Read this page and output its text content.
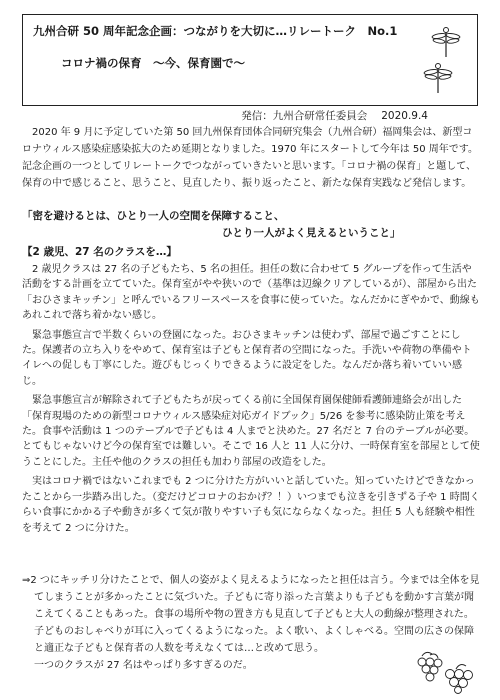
九州合研 50 周年記念企画：つながりを大切に…リレートーク　No.1
コロナ禍の保育　～今、保育園で～
発信：九州合研常任委員会 2020.9.4
2020 年 9 月に予定していた第 50 回九州保育団体合同研究集会（九州合研）福岡集会は、新型コロナウィルス感染症感染拡大のため延期となりました。1970 年にスタートして今年は 50 周年です。記念企画の一つとしてリレートークでつながっていきたいと思います。「コロナ禍の保育」と題して、保育の中で感じること、思うこと、見直したり、振り返ったこと、新たな保育実践など発信します。
「密を避けるとは、ひとり一人の空間を保障すること、
ひとり一人がよく見えるということ」
【2 歳児、27 名のクラスを…】

2 歳児クラスは 27 名の子どもたち、5 名の担任。担任の数に合わせて 5 グループを作って生活や活動をする計画を立てていた。保育室がやや狭いので（基準は辺線クリアしているが）、部屋から出た「おひさまキッチン」と呼んでいるフリースペースを食事に使っていた。なんだかにぎやかで、動線もあれこれで落ち着かない感じ。

緊急事態宣言で半数くらいの登園になった。おひさまキッチンは使わず、部屋で過ごすことにした。保護者の立ち入りをやめて、保育室は子どもと保育者の空間になった。手洗いや荷物の準備やトイレへの促しも丁寧にした。遊びもじっくりできるように設定をした。なんだか落ち着いていい感じ。

緊急事態宣言が解除されて子どもたちが戻ってくる前に全国保育園保健師看護師連絡会が出した「保育現場のための新型コロナウィルス感染症対応ガイドブック」5/26 を参考に感染防止策を考えた。食事や活動は 1 つのテーブルで子どもは 4 人までと決めた。27 名だと 7 台のテーブルが必要。とてもじゃないけど今の保育室では難しい。そこで 16 人と 11 人に分け、一時保育室を部屋として使うことにした。主任や他のクラスの担任も加わり部屋の改造をした。

実はコロナ禍ではないこれまでも 2 つに分けた方がいいと話していた。知っていたけどできなかったことから一歩踏み出した。（変だけどコロナのおかげ？！）いつまでも泣きを引きずる子や 1 時間くらい食事にかかる子や動きが多くて気が散りやすい子も気にならなくなった。担任 5 人も経験や相性を考えて 2 つに分けた。

⇒2 つにキッチリ分けたことで、個人の姿がよく見えるようになったと担任は言う。今までは全体を見てしまうことが多かったことに気づいた。子どもに寄り添った言葉よりも子どもを動かす言葉が聞こえてくることもあった。食事の場所や物の置き方も見直して子どもと大人の動線が整理された。子どものおしゃべりが耳に入ってくるようになった。よく歌い、よくしゃべる。空間の広さの保障と適正な子どもと保育者の人数を考えなくては…と改めて思う。

一つのクラスが 27 名はやっぱり多すぎるのだ。
